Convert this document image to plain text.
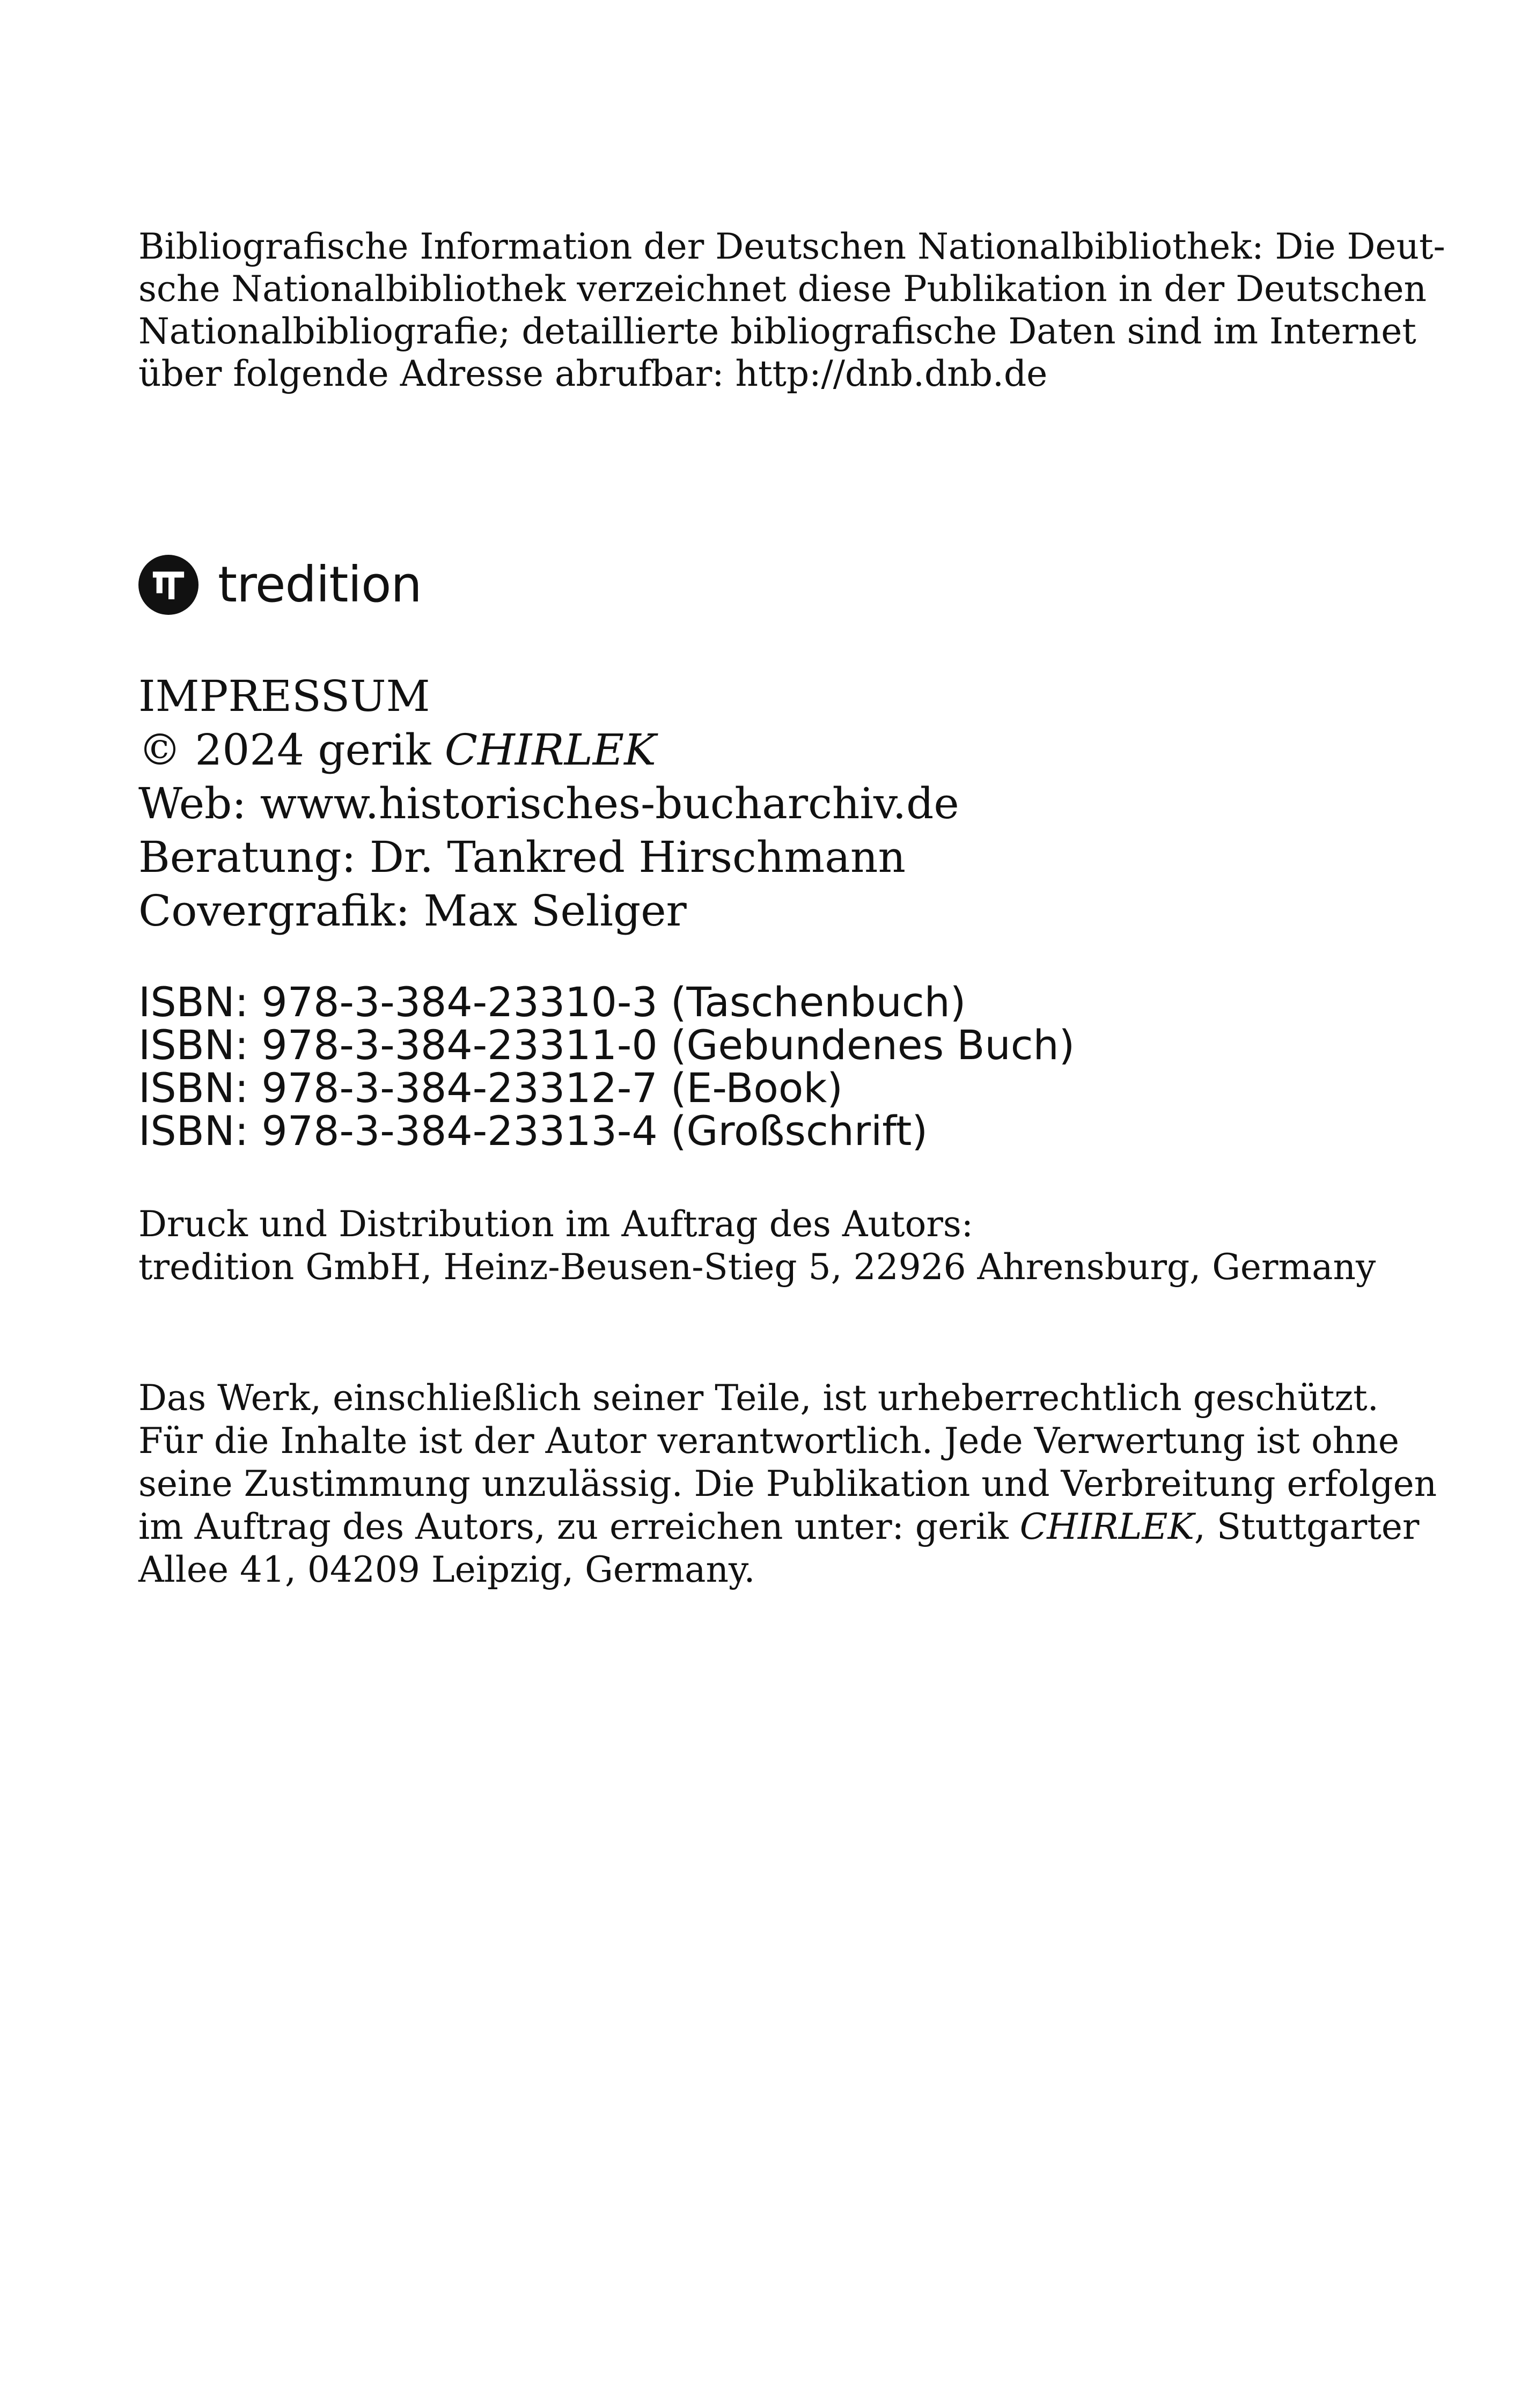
Bibliografische Information der Deutschen Nationalbibliothek: Die Deut-
sche Nationalbibliothek verzeichnet diese Publikation in der Deutschen
Nationalbibliografie; detaillierte bibliografische Daten sind im Internet
über folgende Adresse abrufbar: http://dnb.dnb.de
tredition
IMPRESSUM
© 2024 gerik CHIRLEK
Web: www.historisches-bucharchiv.de
Beratung: Dr. Tankred Hirschmann
Covergrafik: Max Seliger
ISBN: 978-3-384-23310-3 (Taschenbuch)
ISBN: 978-3-384-23311-0 (Gebundenes Buch)
ISBN: 978-3-384-23312-7 (E-Book)
ISBN: 978-3-384-23313-4 (Großschrift)
Druck und Distribution im Auftrag des Autors:
tredition GmbH, Heinz-Beusen-Stieg 5, 22926 Ahrensburg, Germany
Das Werk, einschließlich seiner Teile, ist urheberrechtlich geschützt.
Für die Inhalte ist der Autor verantwortlich. Jede Verwertung ist ohne
seine Zustimmung unzulässig. Die Publikation und Verbreitung erfolgen
im Auftrag des Autors, zu erreichen unter: gerik CHIRLEK, Stuttgarter
Allee 41, 04209 Leipzig, Germany.
